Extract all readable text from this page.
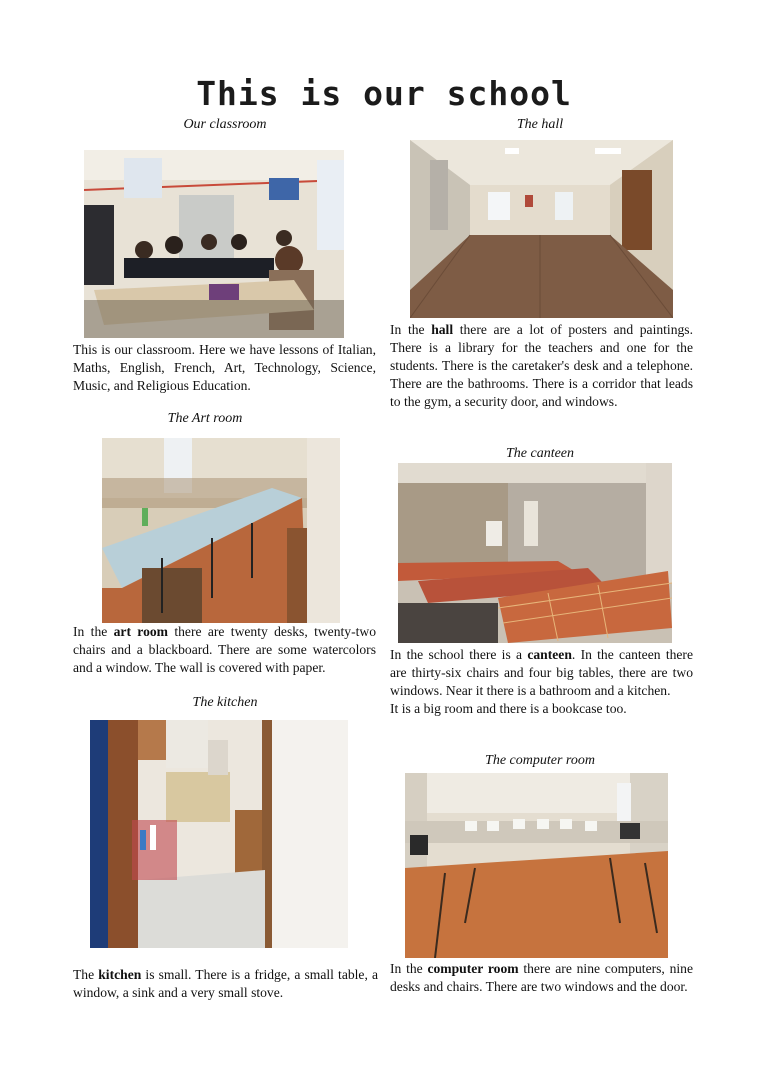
This is our school
Our classroom
This is our classroom. Here we have lessons of Italian, Maths, English, French, Art, Technology, Science, Music, and Religious Education.
The hall
In the hall there are a lot of posters and paintings. There is a library for the teachers and one for the students. There is the caretaker's desk and a telephone. There are the bathrooms. There is a corridor that leads to the gym, a security door, and windows.
The Art room
In the art room there are twenty desks, twenty-two chairs and a blackboard. There are some watercolors and a window. The wall is covered with paper.
The canteen
In the school there is a canteen. In the canteen there are thirty-six chairs and four big tables, there are two windows. Near it there is a bathroom and a kitchen.
It is a big room and there is a bookcase too.
The kitchen
The kitchen is small. There is a fridge, a small table, a window, a sink and a very small stove.
The computer room
In the computer room there are nine computers, nine desks and chairs. There are two windows and the door.
